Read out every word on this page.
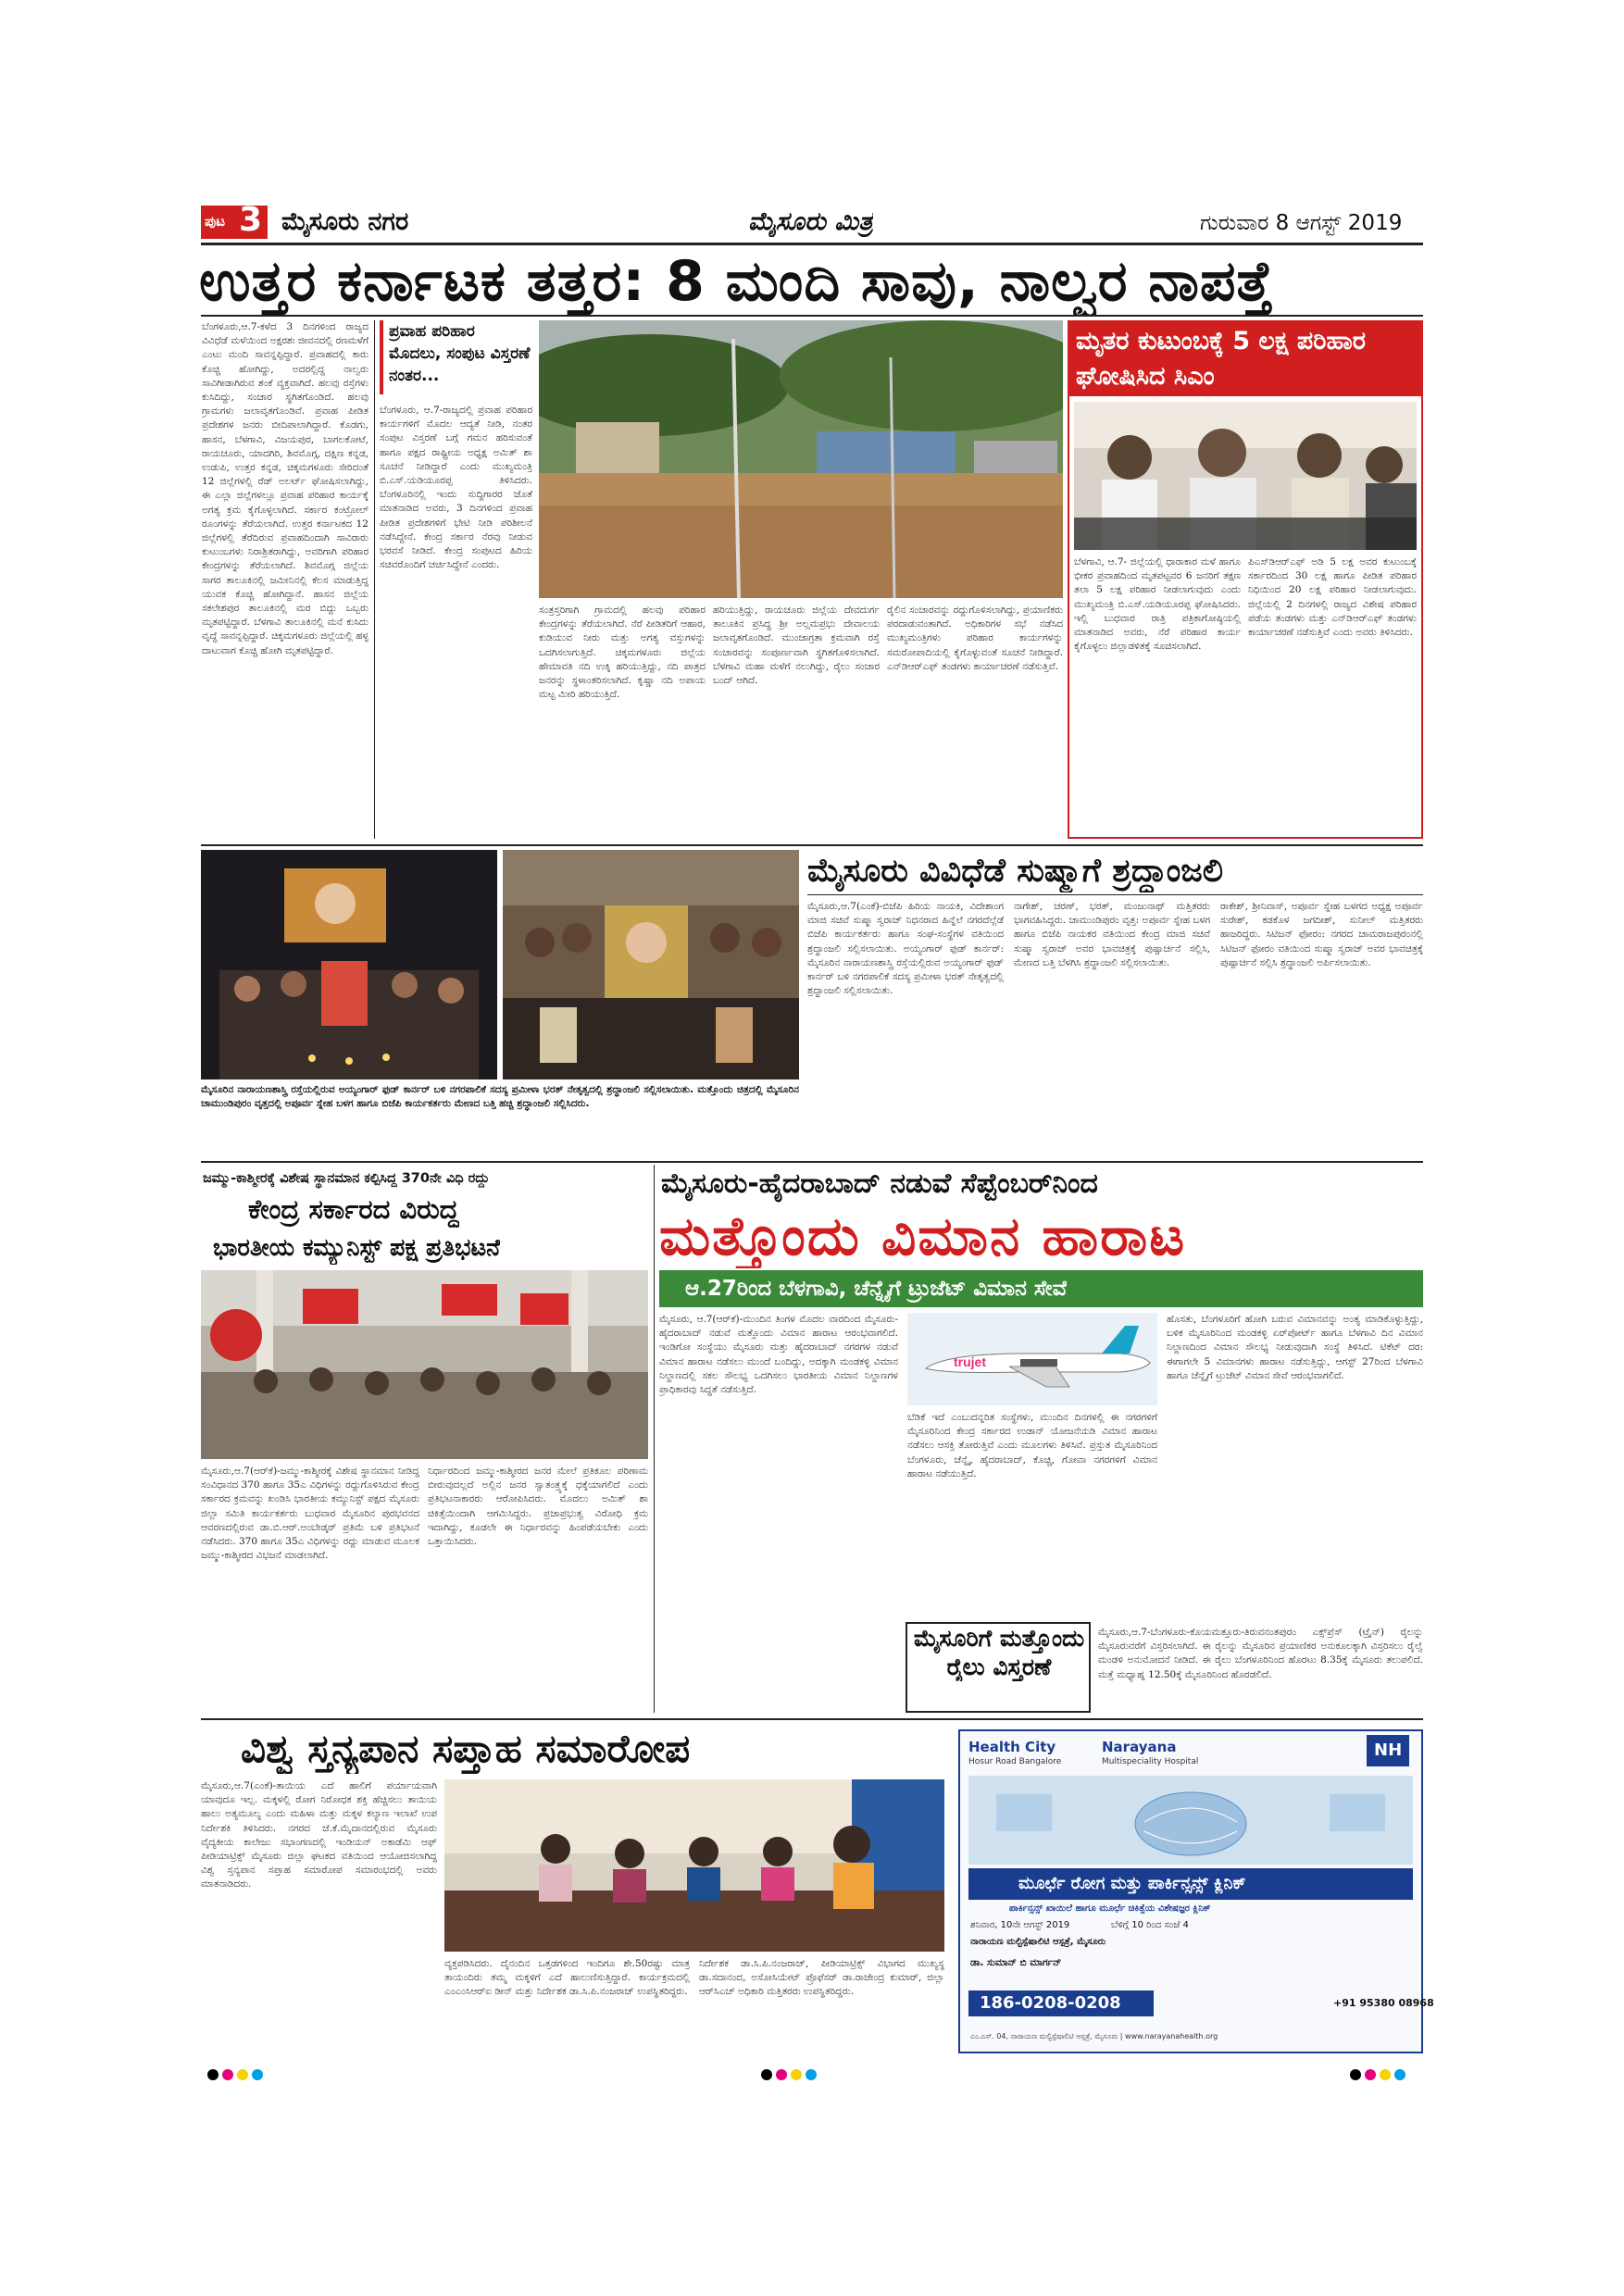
ಪುಟ 3 ಮೈಸೂರು ನಗರ	ಮೈಸೂರು ಮಿತ್ರ	ಗುರುವಾರ 8 ಆಗಸ್ಟ್ 2019
ಉತ್ತರ ಕರ್ನಾಟಕ ತತ್ತರ: 8 ಮಂದಿ ಸಾವು, ನಾಲ್ವರ ನಾಪತ್ತೆ
ಬೆಂಗಳೂರು,ಆ.7-ಕಳೆದ 3 ದಿನಗಳಿಂದ ರಾಜ್ಯದ ವಿವಿಧೆಡೆ ಮಳೆಯಿಂದ ಅಕ್ಷರಶಃ ಜೀವನದಲ್ಲಿ ರಣಮಳೆಗೆ ಎಂಟು ಮಂದಿ ಸಾವನ್ನಪ್ಪಿದ್ದಾರೆ. ಪ್ರವಾಹದಲ್ಲಿ ಕಾರು ಕೊಚ್ಚಿ ಹೋಗಿದ್ದು, ಅದರಲ್ಲಿದ್ದ ನಾಲ್ವರು ಸಾವಿಗೀಡಾಗಿರುವ ಶಂಕೆ ವ್ಯಕ್ತವಾಗಿದೆ. ಹಲವು ರಸ್ತೆಗಳು ಕುಸಿದಿದ್ದು, ಸಂಚಾರ ಸ್ಥಗಿತಗೊಂಡಿದೆ. ಹಲವು ಗ್ರಾಮಗಳು ಜಲಾವೃತಗೊಂಡಿವೆ. ಪ್ರವಾಹ ಪೀಡಿತ ಪ್ರದೇಶಗಳ ಜನರು ಬೀದಿಪಾಲಾಗಿದ್ದಾರೆ. ಕೊಡಗು, ಹಾಸನ, ಬೆಳಗಾವಿ, ವಿಜಯಪುರ, ಬಾಗಲಕೋಟೆ, ರಾಯಚೂರು, ಯಾದಗಿರಿ, ಶಿವಮೊಗ್ಗ, ದಕ್ಷಿಣ ಕನ್ನಡ, ಉಡುಪಿ, ಉತ್ತರ ಕನ್ನಡ, ಚಿಕ್ಕಮಗಳೂರು ಸೇರಿದಂತೆ 12 ಜಿಲ್ಲೆಗಳಲ್ಲಿ ರೆಡ್ ಅಲರ್ಟ್ ಘೋಷಿಸಲಾಗಿದ್ದು, ಈ ಎಲ್ಲಾ ಜಿಲ್ಲೆಗಳಲ್ಲೂ ಪ್ರವಾಹ ಪರಿಹಾರ ಕಾರ್ಯಕ್ಕೆ ಅಗತ್ಯ ಕ್ರಮ ಕೈಗೊಳ್ಳಲಾಗಿದೆ. ಸರ್ಕಾರ ಕಂಟ್ರೋಲ್ ರೂಂಗಳನ್ನು ತೆರೆಯಲಾಗಿದೆ. ಉತ್ತರ ಕರ್ನಾಟಕದ 12 ಜಿಲ್ಲೆಗಳಲ್ಲಿ ತೆರೆದಿರುವ ಪ್ರವಾಹದಿಂದಾಗಿ ಸಾವಿರಾರು ಕುಟುಂಬಗಳು ನಿರಾಶ್ರಿತರಾಗಿದ್ದು, ಅವರಿಗಾಗಿ ಪರಿಹಾರ ಕೇಂದ್ರಗಳನ್ನು ತೆರೆಯಲಾಗಿದೆ. ಶಿವಮೊಗ್ಗ ಜಿಲ್ಲೆಯ ಸಾಗರ ತಾಲೂಕಿನಲ್ಲಿ ಜಮೀನಿನಲ್ಲಿ ಕೆಲಸ ಮಾಡುತ್ತಿದ್ದ ಯುವಕ ಕೊಚ್ಚಿ ಹೋಗಿದ್ದಾನೆ. ಹಾಸನ ಜಿಲ್ಲೆಯ ಸಕಲೇಶಪುರ ತಾಲೂಕಿನಲ್ಲಿ ಮರ ಬಿದ್ದು ಒಬ್ಬರು ಮೃತಪಟ್ಟಿದ್ದಾರೆ. ಬೆಳಗಾವಿ ತಾಲೂಕಿನಲ್ಲಿ ಮನೆ ಕುಸಿದು ವೃದ್ಧೆ ಸಾವನ್ನಪ್ಪಿದ್ದಾರೆ. ಚಿಕ್ಕಮಗಳೂರು ಜಿಲ್ಲೆಯಲ್ಲಿ ಹಳ್ಳ ದಾಟುವಾಗ ಕೊಚ್ಚಿ ಹೋಗಿ ಮೃತಪಟ್ಟಿದ್ದಾರೆ.
ಪ್ರವಾಹ ಪರಿಹಾರ ಮೊದಲು, ಸಂಪುಟ ವಿಸ್ತರಣೆ ನಂತರ...
ಬೆಂಗಳೂರು, ಆ.7-ರಾಜ್ಯದಲ್ಲಿ ಪ್ರವಾಹ ಪರಿಹಾರ ಕಾರ್ಯಗಳಿಗೆ ಮೊದಲ ಆದ್ಯತೆ ನೀಡಿ, ನಂತರ ಸಂಪುಟ ವಿಸ್ತರಣೆ ಬಗ್ಗೆ ಗಮನ ಹರಿಸುವಂತೆ ಹಾಗೂ ಪಕ್ಷದ ರಾಷ್ಟ್ರೀಯ ಅಧ್ಯಕ್ಷ ಅಮಿತ್ ಶಾ ಸೂಚನೆ ನೀಡಿದ್ದಾರೆ ಎಂದು ಮುಖ್ಯಮಂತ್ರಿ ಬಿ.ಎಸ್.ಯಡಿಯೂರಪ್ಪ ತಿಳಿಸಿದರು. ಬೆಂಗಳೂರಿನಲ್ಲಿ ಇಂದು ಸುದ್ದಿಗಾರರ ಜೊತೆ ಮಾತನಾಡಿದ ಅವರು, 3 ದಿನಗಳಿಂದ ಪ್ರವಾಹ ಪೀಡಿತ ಪ್ರದೇಶಗಳಿಗೆ ಭೇಟಿ ನೀಡಿ ಪರಿಶೀಲನೆ ನಡೆಸಿದ್ದೇನೆ. ಕೇಂದ್ರ ಸರ್ಕಾರ ನೆರವು ನೀಡುವ ಭರವಸೆ ನೀಡಿದೆ. ಕೇಂದ್ರ ಸಂಪುಟದ ಹಿರಿಯ ಸಚಿವರೊಂದಿಗೆ ಚರ್ಚಿಸಿದ್ದೇನೆ ಎಂದರು.
ಸಂತ್ರಸ್ತರಿಗಾಗಿ ಗ್ರಾಮದಲ್ಲಿ ಹಲವು ಪರಿಹಾರ ಕೇಂದ್ರಗಳನ್ನು ತೆರೆಯಲಾಗಿದೆ. ನೆರೆ ಪೀಡಿತರಿಗೆ ಆಹಾರ, ಕುಡಿಯುವ ನೀರು ಮತ್ತು ಅಗತ್ಯ ವಸ್ತುಗಳನ್ನು ಒದಗಿಸಲಾಗುತ್ತಿದೆ. ಚಿಕ್ಕಮಗಳೂರು ಜಿಲ್ಲೆಯ ಹೇಮಾವತಿ ನದಿ ಉಕ್ಕಿ ಹರಿಯುತ್ತಿದ್ದು, ನದಿ ಪಾತ್ರದ ಜನರನ್ನು ಸ್ಥಳಾಂತರಿಸಲಾಗಿದೆ. ಕೃಷ್ಣಾ ನದಿ ಅಪಾಯ ಮಟ್ಟ ಮೀರಿ ಹರಿಯುತ್ತಿದೆ.
ಹರಿಯುತ್ತಿದ್ದು, ರಾಯಚೂರು ಜಿಲ್ಲೆಯ ದೇವದುರ್ಗ ತಾಲೂಕಿನ ಪ್ರಸಿದ್ಧ ಶ್ರೀ ಅಲ್ಲಮಪ್ರಭು ದೇವಾಲಯ ಜಲಾವೃತಗೊಂಡಿದೆ. ಮುಂಜಾಗ್ರತಾ ಕ್ರಮವಾಗಿ ರಸ್ತೆ ಸಂಚಾರವನ್ನು ಸಂಪೂರ್ಣವಾಗಿ ಸ್ಥಗಿತಗೊಳಿಸಲಾಗಿದೆ. ಬೆಳಗಾವಿ ಮಹಾ ಮಳೆಗೆ ನಲುಗಿದ್ದು, ರೈಲು ಸಂಚಾರ ಬಂದ್ ಆಗಿದೆ.
ರೈಲಿನ ಸಂಚಾರವನ್ನು ರದ್ದುಗೊಳಿಸಲಾಗಿದ್ದು, ಪ್ರಯಾಣಿಕರು ಪರದಾಡುವಂತಾಗಿದೆ. ಅಧಿಕಾರಿಗಳ ಸಭೆ ನಡೆಸಿದ ಮುಖ್ಯಮಂತ್ರಿಗಳು ಪರಿಹಾರ ಕಾರ್ಯಗಳನ್ನು ಸಮರೋಪಾದಿಯಲ್ಲಿ ಕೈಗೊಳ್ಳುವಂತೆ ಸೂಚನೆ ನೀಡಿದ್ದಾರೆ. ಎನ್‌ಡಿಆರ್‌ಎಫ್ ತಂಡಗಳು ಕಾರ್ಯಾಚರಣೆ ನಡೆಸುತ್ತಿವೆ.
ಮೃತರ ಕುಟುಂಬಕ್ಕೆ 5 ಲಕ್ಷ ಪರಿಹಾರ ಘೋಷಿಸಿದ ಸಿಎಂ
ಬೆಳಗಾವಿ, ಆ.7- ಜಿಲ್ಲೆಯಲ್ಲಿ ಧಾರಾಕಾರ ಮಳೆ ಹಾಗೂ ಭೀಕರ ಪ್ರವಾಹದಿಂದ ಮೃತಪಟ್ಟವರ 6 ಜನರಿಗೆ ತಕ್ಷಣ ತಲಾ 5 ಲಕ್ಷ ಪರಿಹಾರ ನೀಡಲಾಗುವುದು ಎಂದು ಮುಖ್ಯಮಂತ್ರಿ ಬಿ.ಎಸ್.ಯಡಿಯೂರಪ್ಪ ಘೋಷಿಸಿದರು. ಇಲ್ಲಿ ಬುಧವಾರ ರಾತ್ರಿ ಪತ್ರಿಕಾಗೋಷ್ಠಿಯಲ್ಲಿ ಮಾತನಾಡಿದ ಅವರು, ನೆರೆ ಪರಿಹಾರ ಕಾರ್ಯ ಕೈಗೊಳ್ಳಲು ಜಿಲ್ಲಾಡಳಿತಕ್ಕೆ ಸೂಚಿಸಲಾಗಿದೆ.
ಪಿಎಸ್‌ಡಿಆರ್‌ಎಫ್ ಅಡಿ 5 ಲಕ್ಷ ಅವರ ಕುಟುಂಬಕ್ಕೆ ಸರ್ಕಾರದಿಂದ 30 ಲಕ್ಷ ಹಾಗೂ ಪೀಡಿತ ಪರಿಹಾರ ನಿಧಿಯಿಂದ 20 ಲಕ್ಷ ಪರಿಹಾರ ನೀಡಲಾಗುವುದು. ಜಿಲ್ಲೆಯಲ್ಲಿ 2 ದಿನಗಳಲ್ಲಿ ರಾಜ್ಯದ ವಿಶೇಷ ಪರಿಹಾರ ಪಡೆಯ ತಂಡಗಳು ಮತ್ತು ಎನ್‌ಡಿಆರ್‌ಎಫ್ ತಂಡಗಳು ಕಾರ್ಯಾಚರಣೆ ನಡೆಸುತ್ತಿವೆ ಎಂದು ಅವರು ತಿಳಿಸಿದರು.
ಮೈಸೂರಿನ ನಾರಾಯಣಶಾಸ್ತ್ರಿ ರಸ್ತೆಯಲ್ಲಿರುವ ಅಯ್ಯಂಗಾರ್ ಫುಡ್ ಕಾರ್ನರ್ ಬಳಿ ನಗರಪಾಲಿಕೆ ಸದಸ್ಯ ಪ್ರಮೀಳಾ ಭರತ್ ನೇತೃತ್ವದಲ್ಲಿ ಶ್ರದ್ಧಾಂಜಲಿ ಸಲ್ಲಿಸಲಾಯಿತು. ಮತ್ತೊಂದು ಚಿತ್ರದಲ್ಲಿ ಮೈಸೂರಿನ ಚಾಮುಂಡಿಪುರಂ ವೃತ್ತದಲ್ಲಿ ಅಪೂರ್ವ ಸ್ನೇಹ ಬಳಗ ಹಾಗೂ ಬಿಜೆಪಿ ಕಾರ್ಯಕರ್ತರು ಮೇಣದ ಬತ್ತಿ ಹಚ್ಚಿ ಶ್ರದ್ಧಾಂಜಲಿ ಸಲ್ಲಿಸಿದರು.
ಮೈಸೂರು ವಿವಿಧೆಡೆ ಸುಷ್ಮಾಗೆ ಶ್ರದ್ಧಾಂಜಲಿ
ಮೈಸೂರು,ಆ.7(ಎಂಕೆ)-ಬಿಜೆಪಿ ಹಿರಿಯ ನಾಯಕಿ, ವಿದೇಶಾಂಗ ಮಾಜಿ ಸಚಿವೆ ಸುಷ್ಮಾ ಸ್ವರಾಜ್ ನಿಧನರಾದ ಹಿನ್ನೆಲೆ ನಗರದೆಲ್ಲೆಡೆ ಬಿಜೆಪಿ ಕಾರ್ಯಕರ್ತರು ಹಾಗೂ ಸಂಘ-ಸಂಸ್ಥೆಗಳ ವತಿಯಿಂದ ಶ್ರದ್ಧಾಂಜಲಿ ಸಲ್ಲಿಸಲಾಯಿತು. ಅಯ್ಯಂಗಾರ್ ಫುಡ್ ಕಾರ್ನರ್: ಮೈಸೂರಿನ ನಾರಾಯಣಶಾಸ್ತ್ರಿ ರಸ್ತೆಯಲ್ಲಿರುವ ಅಯ್ಯಂಗಾರ್ ಫುಡ್ ಕಾರ್ನರ್ ಬಳಿ ನಗರಪಾಲಿಕೆ ಸದಸ್ಯ ಪ್ರಮೀಳಾ ಭರತ್ ನೇತೃತ್ವದಲ್ಲಿ ಶ್ರದ್ಧಾಂಜಲಿ ಸಲ್ಲಿಸಲಾಯಿತು.
ನಾಗೇಶ್, ಚರಣ್, ಭರತ್, ಮಂಜುನಾಥ್ ಮತ್ತಿತರರು ಭಾಗವಹಿಸಿದ್ದರು. ಚಾಮುಂಡಿಪುರಂ ವೃತ್ತ: ಅಪೂರ್ವ ಸ್ನೇಹ ಬಳಗ ಹಾಗೂ ಬಿಜೆಪಿ ನಾಯಕರ ವತಿಯಿಂದ ಕೇಂದ್ರ ಮಾಜಿ ಸಚಿವೆ ಸುಷ್ಮಾ ಸ್ವರಾಜ್ ಅವರ ಭಾವಚಿತ್ರಕ್ಕೆ ಪುಷ್ಪಾರ್ಚನೆ ಸಲ್ಲಿಸಿ, ಮೇಣದ ಬತ್ತಿ ಬೆಳಗಿಸಿ ಶ್ರದ್ಧಾಂಜಲಿ ಸಲ್ಲಿಸಲಾಯಿತು.
ರಾಕೇಶ್, ಶ್ರೀನಿವಾಸ್, ಅಪೂರ್ವ ಸ್ನೇಹ ಬಳಗದ ಅಧ್ಯಕ್ಷ ಅಪೂರ್ವ ಸುರೇಶ್, ಕಡಕೊಳ ಜಗದೀಶ್, ಸುನೀಲ್ ಮತ್ತಿತರರು ಹಾಜರಿದ್ದರು. ಸಿಟಿಜನ್ ಫೋರಂ: ನಗರದ ಚಾಮರಾಜಪುರಂನಲ್ಲಿ ಸಿಟಿಜನ್ ಫೋರಂ ವತಿಯಿಂದ ಸುಷ್ಮಾ ಸ್ವರಾಜ್ ಅವರ ಭಾವಚಿತ್ರಕ್ಕೆ ಪುಷ್ಪಾರ್ಚನೆ ಸಲ್ಲಿಸಿ ಶ್ರದ್ಧಾಂಜಲಿ ಅರ್ಪಿಸಲಾಯಿತು.
ಜಮ್ಮು-ಕಾಶ್ಮೀರಕ್ಕೆ ವಿಶೇಷ ಸ್ಥಾನಮಾನ ಕಲ್ಪಿಸಿದ್ದ 370ನೇ ವಿಧಿ ರದ್ದು
ಕೇಂದ್ರ ಸರ್ಕಾರದ ವಿರುದ್ಧ
ಭಾರತೀಯ ಕಮ್ಯುನಿಸ್ಟ್ ಪಕ್ಷ ಪ್ರತಿಭಟನೆ
ಮೈಸೂರು,ಆ.7(ಆರ್‌ಕೆ)-ಜಮ್ಮು-ಕಾಶ್ಮೀರಕ್ಕೆ ವಿಶೇಷ ಸ್ಥಾನಮಾನ ನೀಡಿದ್ದ ಸಂವಿಧಾನದ 370 ಹಾಗೂ 35ಎ ವಿಧಿಗಳನ್ನು ರದ್ದುಗೊಳಿಸಿರುವ ಕೇಂದ್ರ ಸರ್ಕಾರದ ಕ್ರಮವನ್ನು ಖಂಡಿಸಿ ಭಾರತೀಯ ಕಮ್ಯುನಿಸ್ಟ್ ಪಕ್ಷದ ಮೈಸೂರು ಜಿಲ್ಲಾ ಸಮಿತಿ ಕಾರ್ಯಕರ್ತರು ಬುಧವಾರ ಮೈಸೂರಿನ ಪುರಭವನದ ಆವರಣದಲ್ಲಿರುವ ಡಾ.ಬಿ.ಆರ್.ಅಂಬೇಡ್ಕರ್ ಪ್ರತಿಮೆ ಬಳಿ ಪ್ರತಿಭಟನೆ ನಡೆಸಿದರು. 370 ಹಾಗೂ 35ಎ ವಿಧಿಗಳನ್ನು ರದ್ದು ಮಾಡುವ ಮೂಲಕ ಜಮ್ಮು-ಕಾಶ್ಮೀರದ ವಿಭಜನೆ ಮಾಡಲಾಗಿದೆ.
ನಿರ್ಧಾರದಿಂದ ಜಮ್ಮು-ಕಾಶ್ಮೀರದ ಜನರ ಮೇಲೆ ಪ್ರತಿಕೂಲ ಪರಿಣಾಮ ಬೀರುವುದಲ್ಲದೆ ಅಲ್ಲಿನ ಜನರ ಸ್ವಾತಂತ್ರ್ಯಕ್ಕೆ ಧಕ್ಕೆಯಾಗಲಿದೆ ಎಂದು ಪ್ರತಿಭಟನಾಕಾರರು ಆರೋಪಿಸಿದರು. ಮೊದಲು ಅಮಿತ್ ಶಾ ಚಿಕಿತ್ಸೆಯಿಂದಾಗಿ ಆಗಮಿಸಿದ್ದರು. ಪ್ರಜಾಪ್ರಭುತ್ವ ವಿರೋಧಿ ಕ್ರಮ ಇದಾಗಿದ್ದು, ಕೂಡಲೇ ಈ ನಿರ್ಧಾರವನ್ನು ಹಿಂಪಡೆಯಬೇಕು ಎಂದು ಒತ್ತಾಯಿಸಿದರು.
ಮೈಸೂರು-ಹೈದರಾಬಾದ್ ನಡುವೆ ಸೆಪ್ಟೆಂಬರ್‌ನಿಂದ
ಮತ್ತೊಂದು ವಿಮಾನ ಹಾರಾಟ
ಆ.27ರಿಂದ ಬೆಳಗಾವಿ, ಚೆನ್ನೈಗೆ ಟ್ರುಜೆಟ್ ವಿಮಾನ ಸೇವೆ
ಮೈಸೂರು, ಆ.7(ಆರ್‌ಕೆ)-ಮುಂದಿನ ತಿಂಗಳ ಮೊದಲ ವಾರದಿಂದ ಮೈಸೂರು-ಹೈದರಾಬಾದ್ ನಡುವೆ ಮತ್ತೊಂದು ವಿಮಾನ ಹಾರಾಟ ಆರಂಭವಾಗಲಿದೆ. ಇಂಡಿಗೋ ಸಂಸ್ಥೆಯು ಮೈಸೂರು ಮತ್ತು ಹೈದರಾಬಾದ್ ನಗರಗಳ ನಡುವೆ ವಿಮಾನ ಹಾರಾಟ ನಡೆಸಲು ಮುಂದೆ ಬಂದಿದ್ದು, ಅದಕ್ಕಾಗಿ ಮಂಡಕಳ್ಳಿ ವಿಮಾನ ನಿಲ್ದಾಣದಲ್ಲಿ ಸಕಲ ಸೌಲಭ್ಯ ಒದಗಿಸಲು ಭಾರತೀಯ ವಿಮಾನ ನಿಲ್ದಾಣಗಳ ಪ್ರಾಧಿಕಾರವು ಸಿದ್ಧತೆ ನಡೆಸುತ್ತಿದೆ.
trujet
ಬೆಡಿಕೆ ಇದೆ ಎಂಬುದನ್ನರಿತ ಸಂಸ್ಥೆಗಳು, ಮುಂದಿನ ದಿನಗಳಲ್ಲಿ ಈ ನಗರಗಳಿಗೆ ಮೈಸೂರಿನಿಂದ ಕೇಂದ್ರ ಸರ್ಕಾರದ ಉಡಾನ್ ಯೋಜನೆಯಡಿ ವಿಮಾನ ಹಾರಾಟ ನಡೆಸಲು ಆಸಕ್ತಿ ತೋರುತ್ತಿವೆ ಎಂದು ಮೂಲಗಳು ತಿಳಿಸಿವೆ. ಪ್ರಸ್ತುತ ಮೈಸೂರಿನಿಂದ ಬೆಂಗಳೂರು, ಚೆನ್ನೈ, ಹೈದರಾಬಾದ್, ಕೊಚ್ಚಿ, ಗೋವಾ ನಗರಗಳಿಗೆ ವಿಮಾನ ಹಾರಾಟ ನಡೆಯುತ್ತಿದೆ.
ಹೊಸತು, ಬೆಂಗಳೂರಿಗೆ ಹೋಗಿ ಬರುವ ವಿಮಾನವನ್ನು ಅಂತ್ಯ ಮಾಡಿಕೊಳ್ಳುತ್ತಿದ್ದು, ಬಳಿಕ ಮೈಸೂರಿನಿಂದ ಮಂಡಕಳ್ಳಿ ಏರ್‌ಪೋರ್ಟ್ ಹಾಗೂ ಬೆಳಗಾವಿ ದಿನ ವಿಮಾನ ನಿಲ್ದಾಣದಿಂದ ವಿಮಾನ ಸೌಲಭ್ಯ ನೀಡುವುದಾಗಿ ಸಂಸ್ಥೆ ತಿಳಿಸಿದೆ. ಟಿಕೆಟ್ ದರ: ಈಗಾಗಲೇ 5 ವಿಮಾನಗಳು ಹಾರಾಟ ನಡೆಸುತ್ತಿದ್ದು, ಆಗಸ್ಟ್ 27ರಿಂದ ಬೆಳಗಾವಿ ಹಾಗೂ ಚೆನ್ನೈಗೆ ಟ್ರುಜೆಟ್ ವಿಮಾನ ಸೇವೆ ಆರಂಭವಾಗಲಿದೆ.
ಮೈಸೂರಿಗೆ ಮತ್ತೊಂದು ರೈಲು ವಿಸ್ತರಣೆ
ಮೈಸೂರು,ಆ.7-ಬೆಂಗಳೂರು-ಕೊಯಮತ್ತೂರು-ತಿರುವನಂತಪುರಂ ಎಕ್ಸ್‌ಪ್ರೆಸ್ (ಟ್ರೈನ್) ರೈಲನ್ನು ಮೈಸೂರುವರೆಗೆ ವಿಸ್ತರಿಸಲಾಗಿದೆ. ಈ ರೈಲನ್ನು ಮೈಸೂರಿನ ಪ್ರಯಾಣಿಕರ ಅನುಕೂಲಕ್ಕಾಗಿ ವಿಸ್ತರಿಸಲು ರೈಲ್ವೆ ಮಂಡಳಿ ಅನುಮೋದನೆ ನೀಡಿದೆ. ಈ ರೈಲು ಬೆಂಗಳೂರಿನಿಂದ ಹೊರಟು 8.35ಕ್ಕೆ ಮೈಸೂರು ತಲುಪಲಿದೆ. ಮತ್ತೆ ಮಧ್ಯಾಹ್ನ 12.50ಕ್ಕೆ ಮೈಸೂರಿನಿಂದ ಹೊರಡಲಿದೆ.
ವಿಶ್ವ ಸ್ತನ್ಯಪಾನ ಸಪ್ತಾಹ ಸಮಾರೋಪ
ಮೈಸೂರು,ಆ.7(ಎಂಕೆ)-ತಾಯಿಯ ಎದೆ ಹಾಲಿಗೆ ಪರ್ಯಾಯವಾಗಿ ಯಾವುದೂ ಇಲ್ಲ. ಮಕ್ಕಳಲ್ಲಿ ರೋಗ ನಿರೋಧಕ ಶಕ್ತಿ ಹೆಚ್ಚಿಸಲು ತಾಯಿಯ ಹಾಲು ಅತ್ಯಮೂಲ್ಯ ಎಂದು ಮಹಿಳಾ ಮತ್ತು ಮಕ್ಕಳ ಕಲ್ಯಾಣ ಇಲಾಖೆ ಉಪ ನಿರ್ದೇಶಕಿ ತಿಳಿಸಿದರು. ನಗರದ ಜೆ.ಕೆ.ಮೈದಾನದಲ್ಲಿರುವ ಮೈಸೂರು ವೈದ್ಯಕೀಯ ಕಾಲೇಜು ಸಭಾಂಗಣದಲ್ಲಿ ಇಂಡಿಯನ್ ಅಕಾಡೆಮಿ ಆಫ್ ಪೀಡಿಯಾಟ್ರಿಕ್ಸ್ ಮೈಸೂರು ಜಿಲ್ಲಾ ಘಟಕದ ವತಿಯಿಂದ ಆಯೋಜಿಸಲಾಗಿದ್ದ ವಿಶ್ವ ಸ್ತನ್ಯಪಾನ ಸಪ್ತಾಹ ಸಮಾರೋಪ ಸಮಾರಂಭದಲ್ಲಿ ಅವರು ಮಾತನಾಡಿದರು.
ವ್ಯಕ್ತಪಡಿಸಿದರು. ದೈನಂದಿನ ಒತ್ತಡಗಳಿಂದ ಇಂದಿಗೂ ಶೇ.50ರಷ್ಟು ಮಾತ್ರ ತಾಯಂದಿರು ತಮ್ಮ ಮಕ್ಕಳಿಗೆ ಎದೆ ಹಾಲುಣಿಸುತ್ತಿದ್ದಾರೆ. ಕಾರ್ಯಕ್ರಮದಲ್ಲಿ ಎಂಎಂಸಿಆರ್‌ಐ ಡೀನ್ ಮತ್ತು ನಿರ್ದೇಶಕ ಡಾ.ಸಿ.ಪಿ.ನಂಜರಾಜ್ ಉಪಸ್ಥಿತರಿದ್ದರು.
ನಿರ್ದೇಶಕ ಡಾ.ಸಿ.ಪಿ.ನಂಜರಾಜ್, ಪೀಡಿಯಾಟ್ರಿಕ್ಸ್ ವಿಭಾಗದ ಮುಖ್ಯಸ್ಥ ಡಾ.ಸದಾನಂದ, ಅಸೋಸಿಯೇಟ್ ಪ್ರೊಫೆಸರ್ ಡಾ.ರಾಜೇಂದ್ರ ಕುಮಾರ್, ಜಿಲ್ಲಾ ಆರ್‌ಸಿಎಚ್ ಅಧಿಕಾರಿ ಮತ್ತಿತರರು ಉಪಸ್ಥಿತರಿದ್ದರು.
Health City
Hosur Road Bangalore
Narayana
Multispeciality Hospital
NH
ಮೂರ್ಛೆ ರೋಗ ಮತ್ತು ಪಾರ್ಕಿನ್ಸನ್ಸ್ ಕ್ಲಿನಿಕ್
ಪಾರ್ಕಿನ್ಸನ್ಸ್ ಖಾಯಿಲೆ ಹಾಗೂ ಮೂರ್ಛೆ ಚಿಕಿತ್ಸೆಯ ವಿಶೇಷಜ್ಞರ ಕ್ಲಿನಿಕ್
ಶನಿವಾರ, 10ನೇ ಆಗಸ್ಟ್ 2019	ಬೆಳಿಗ್ಗೆ 10 ರಿಂದ ಸಂಜೆ 4
ನಾರಾಯಣ ಮಲ್ಟಿಸ್ಪೆಷಾಲಿಟಿ ಆಸ್ಪತ್ರೆ, ಮೈಸೂರು
ಡಾ. ಸುಮಾನ್ ಬಿ ಮಾರ್ಗನ್
186-0208-0208	+91 95380 08968
ಎಂ.ಎಸ್. 04, ನಾರಾಯಣ ಮಲ್ಟಿಸ್ಪೆಷಾಲಿಟಿ ಆಸ್ಪತ್ರೆ, ಮೈಸೂರು | www.narayanahealth.org
